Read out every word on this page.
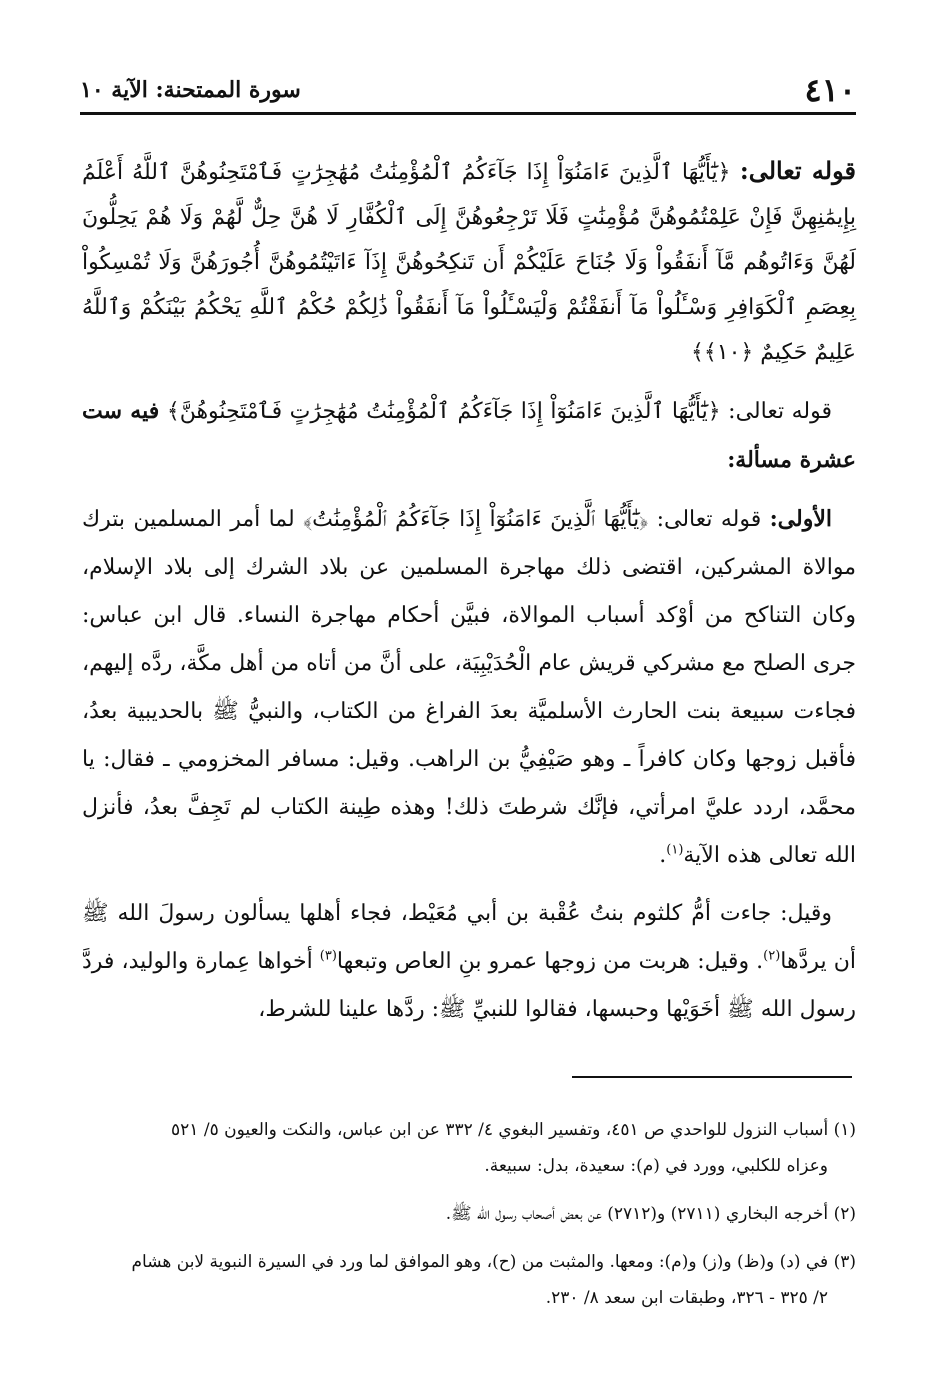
٤١٠
سورة الممتحنة: الآية ١٠
قوله تعالى: ﴿يَٰٓأَيُّهَا ٱلَّذِينَ ءَامَنُوٓاْ إِذَا جَآءَكُمُ ٱلْمُؤْمِنَٰتُ مُهَٰجِرَٰتٍ فَٱمْتَحِنُوهُنَّ ٱللَّهُ أَعْلَمُ بِإِيمَٰنِهِنَّ فَإِنْ عَلِمْتُمُوهُنَّ مُؤْمِنَٰتٍ فَلَا تَرْجِعُوهُنَّ إِلَى ٱلْكُفَّارِ لَا هُنَّ حِلٌّ لَّهُمْ وَلَا هُمْ يَحِلُّونَ لَهُنَّ وَءَاتُوهُم مَّآ أَنفَقُواْ وَلَا جُنَاحَ عَلَيْكُمْ أَن تَنكِحُوهُنَّ إِذَآ ءَاتَيْتُمُوهُنَّ أُجُورَهُنَّ وَلَا تُمْسِكُواْ بِعِصَمِ ٱلْكَوَافِرِ وَسْـَٔلُواْ مَآ أَنفَقْتُمْ وَلْيَسْـَٔلُواْ مَآ أَنفَقُواْ ذَٰلِكُمْ حُكْمُ ٱللَّهِ يَحْكُمُ بَيْنَكُمْ وَٱللَّهُ عَلِيمٌ حَكِيمٌ ﴿١٠﴾﴾
قوله تعالى: ﴿يَٰٓأَيُّهَا ٱلَّذِينَ ءَامَنُوٓاْ إِذَا جَآءَكُمُ ٱلْمُؤْمِنَٰتُ مُهَٰجِرَٰتٍ فَٱمْتَحِنُوهُنَّ﴾ فيه ست عشرة مسألة:
الأولى: قوله تعالى: ﴿يَٰٓأَيُّهَا ٱلَّذِينَ ءَامَنُوٓاْ إِذَا جَآءَكُمُ ٱلْمُؤْمِنَٰتُ﴾ لما أمر المسلمين بترك موالاة المشركين، اقتضى ذلك مهاجرة المسلمين عن بلاد الشرك إلى بلاد الإسلام، وكان التناكح من أوْكد أسباب الموالاة، فبيَّن أحكام مهاجرة النساء. قال ابن عباس: جرى الصلح مع مشركي قريش عام الْحُدَيْبِيَة، على أنَّ من أتاه من أهل مكَّة، ردَّه إليهم، فجاءت سبيعة بنت الحارث الأسلميَّة بعدَ الفراغ من الكتاب، والنبيُّ ﷺ بالحديبية بعدُ، فأقبل زوجها وكان كافراً ـ وهو صَيْفِيُّ بن الراهب. وقيل: مسافر المخزومي ـ فقال: يا محمَّد، اردد عليَّ امرأتي، فإنَّك شرطتَ ذلك! وهذه طِينة الكتاب لم تَجِفَّ بعدُ، فأنزل الله تعالى هذه الآية$^{(١)}$.
وقيل: جاءت أمُّ كلثوم بنتُ عُقْبة بن أبي مُعَيْط، فجاء أهلها يسألون رسولَ الله ﷺ أن يردَّها$^{(٢)}$. وقيل: هربت من زوجها عمرو بنِ العاص وتبعها$^{(٣)}$ أخواها عِمارة والوليد، فردَّ رسول الله ﷺ أخَوَيْها وحبسها، فقالوا للنبيِّ ﷺ: ردَّها علينا للشرط،
(١) أسباب النزول للواحدي ص ٤٥١، وتفسير البغوي ٤/ ٣٣٢ عن ابن عباس، والنكت والعيون ٥/ ٥٢١
وعزاه للكلبي، وورد في (م): سعيدة، بدل: سبيعة.
(٢) أخرجه البخاري (٢٧١١) و(٢٧١٢) عن بعض أصحاب رسول الله ﷺ.
(٣) في (د) و(ظ) و(ز) و(م): ومعها. والمثبت من (ح)، وهو الموافق لما ورد في السيرة النبوية لابن هشام
٢/ ٣٢٥ - ٣٢٦، وطبقات ابن سعد ٨/ ٢٣٠.
